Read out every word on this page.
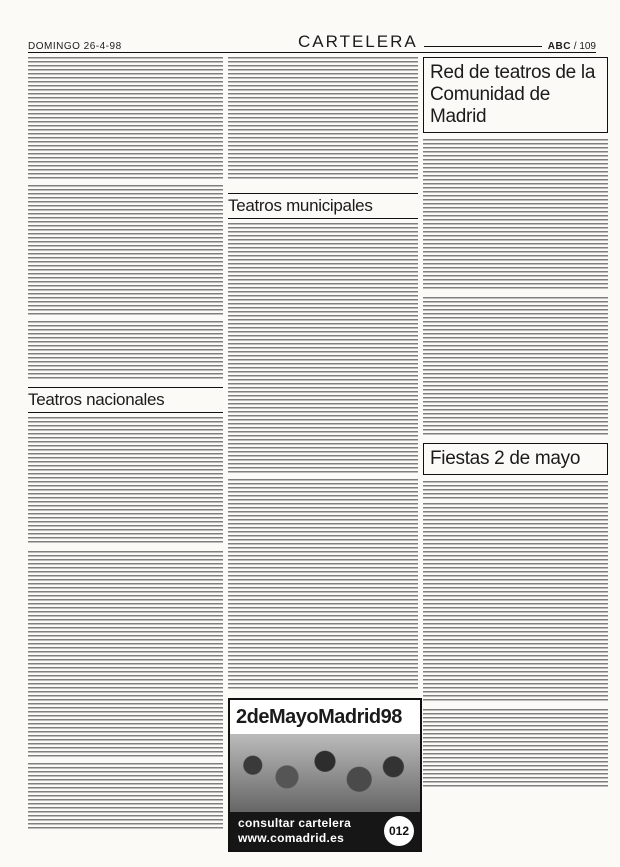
DOMINGO 26-4-98	CARTELERA	ABC / 109
Teatros nacionales
Teatros municipales
2deMayoMadrid98
consultar cartelera
www.comadrid.es	012
Red de teatros de la Comunidad de Madrid
Fiestas 2 de mayo
